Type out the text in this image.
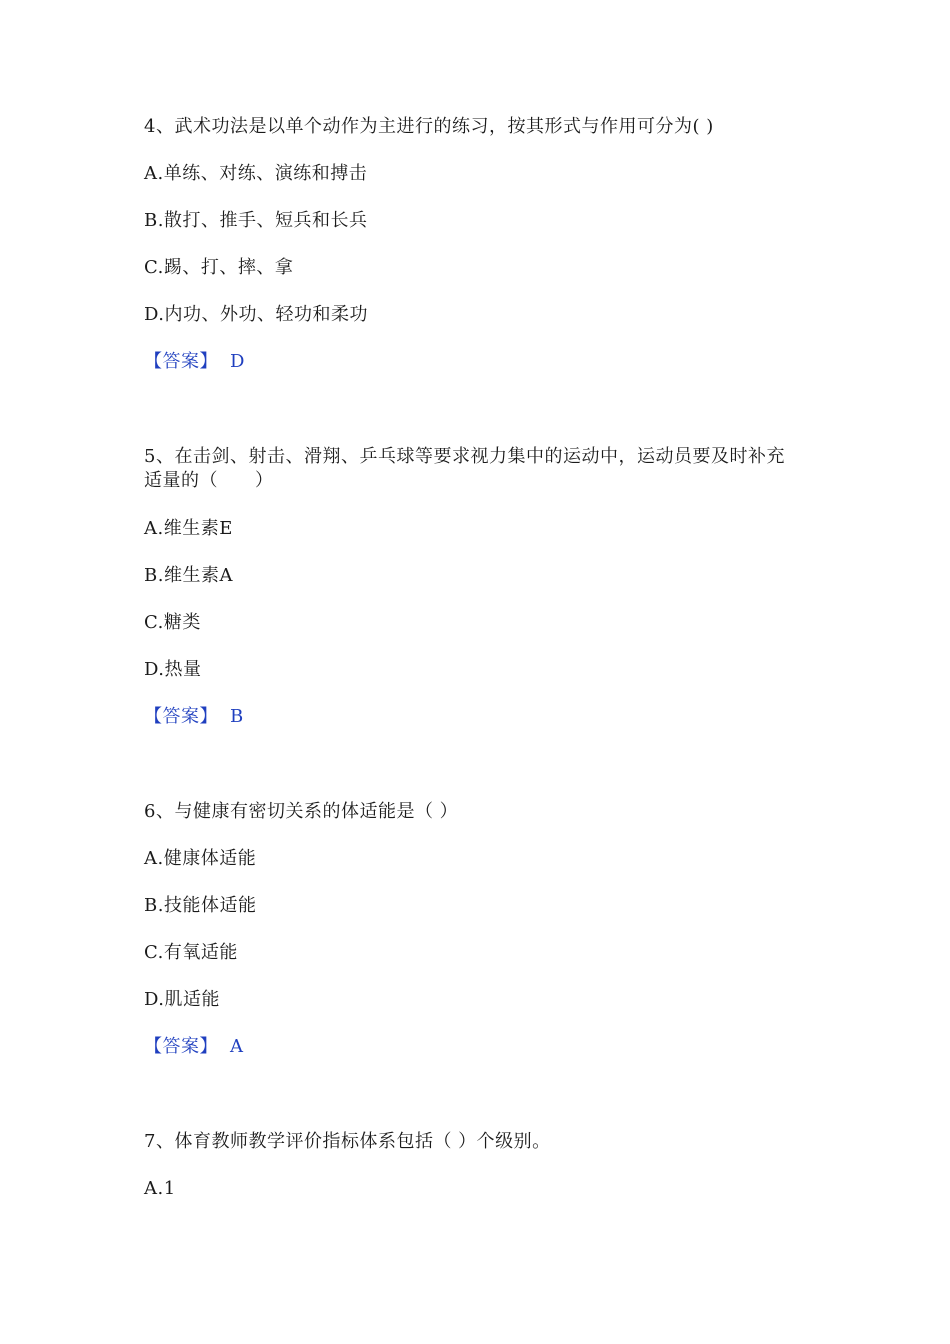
4、武术功法是以单个动作为主进行的练习，按其形式与作用可分为( )
A.单练、对练、演练和搏击
B.散打、推手、短兵和长兵
C.踢、打、摔、拿
D.内功、外功、轻功和柔功
【答案】 D
5、在击剑、射击、滑翔、乒乓球等要求视力集中的运动中，运动员要及时补充
适量的（　　）
A.维生素E
B.维生素A
C.糖类
D.热量
【答案】 B
6、与健康有密切关系的体适能是（ ）
A.健康体适能
B.技能体适能
C.有氧适能
D.肌适能
【答案】 A
7、体育教师教学评价指标体系包括（ ）个级别。
A.1
